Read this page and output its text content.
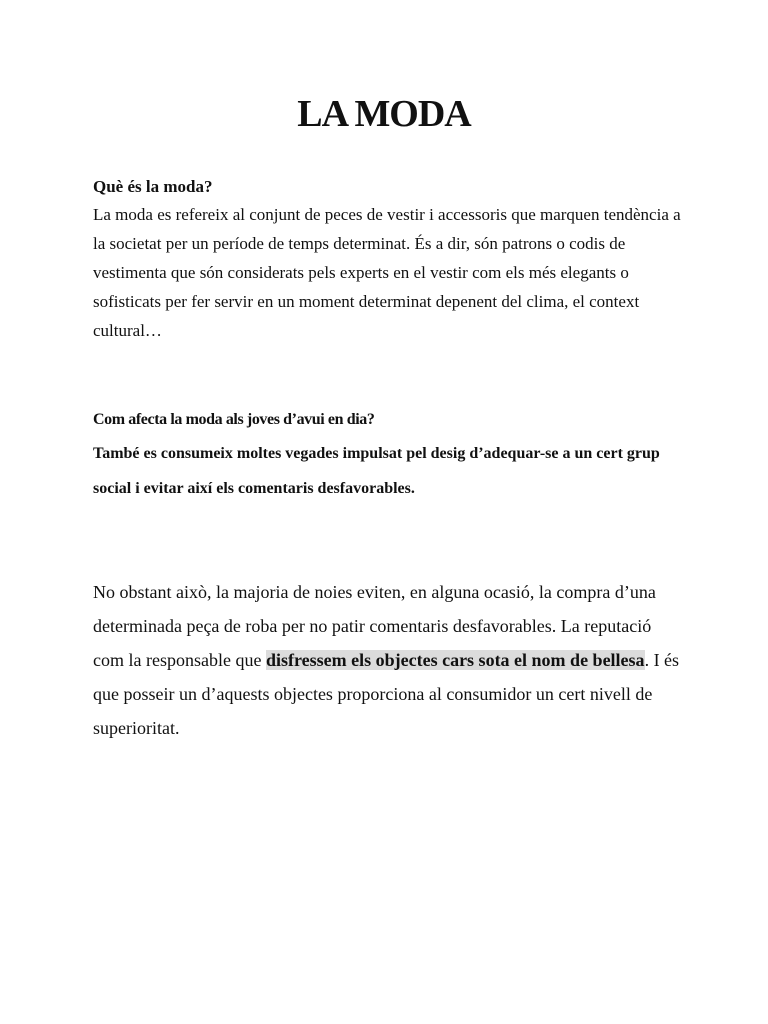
LA MODA

Què és la moda?

La moda es refereix al conjunt de peces de vestir i accessoris que marquen tendència a la societat per un període de temps determinat. És a dir, són patrons o codis de vestimenta que són considerats pels experts en el vestir com els més elegants o sofisticats per fer servir en un moment determinat depenent del clima, el context cultural…

Com afecta la moda als joves d’avui en dia?

També es consumeix moltes vegades impulsat pel desig d’adequar-se a un cert grup social i evitar així els comentaris desfavorables.

No obstant això, la majoria de noies eviten, en alguna ocasió, la compra d’una determinada peça de roba per no patir comentaris desfavorables. La reputació com la responsable que disfressem els objectes cars sota el nom de bellesa. I és que posseir un d’aquests objectes proporciona al consumidor un cert nivell de superioritat.
